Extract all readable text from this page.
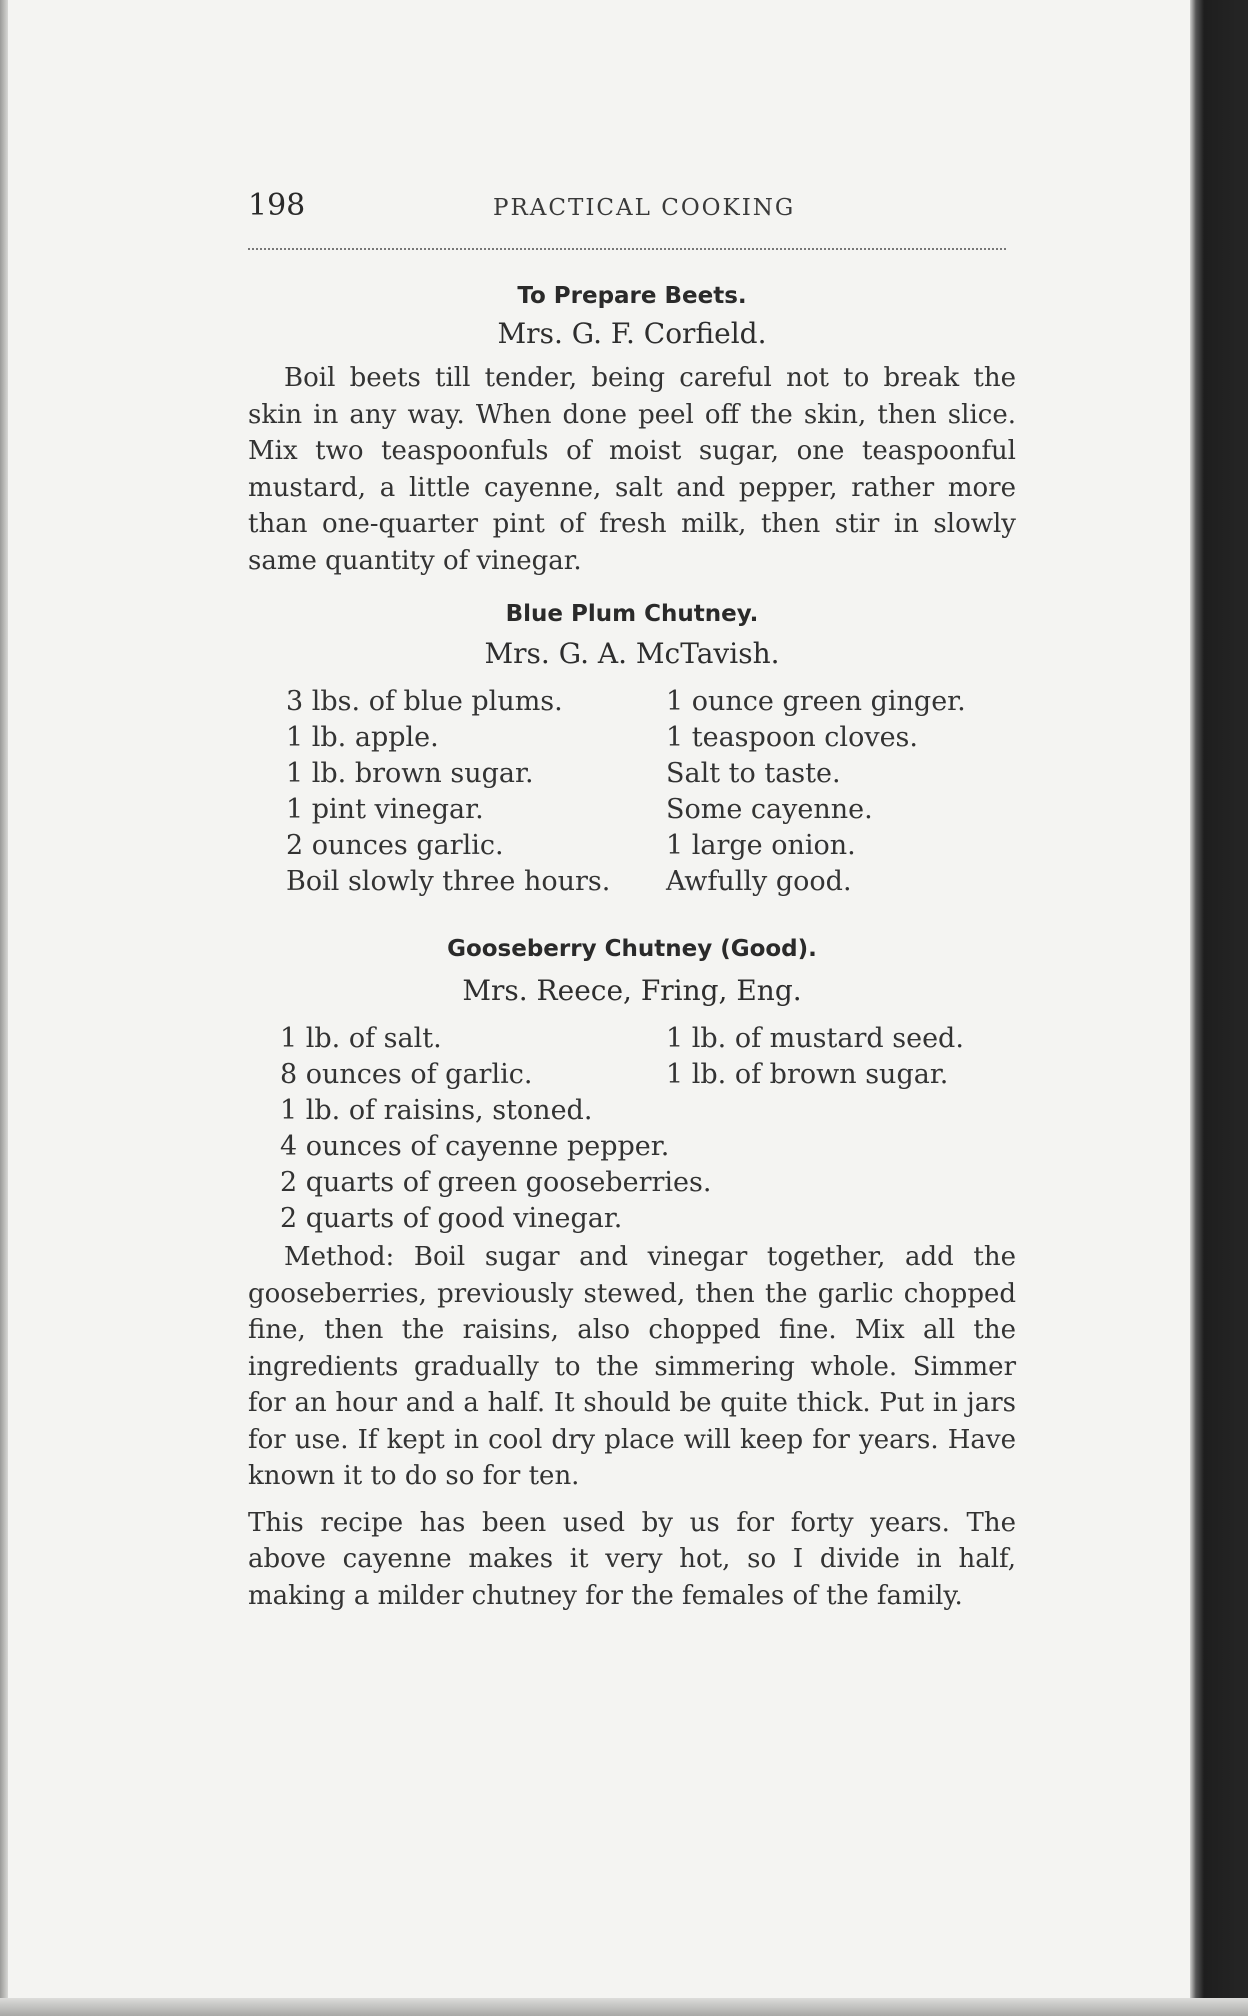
198	PRACTICAL COOKING
To Prepare Beets.
Mrs. G. F. Corfield.

Boil beets till tender, being careful not to break the skin in any way. When done peel off the skin, then slice. Mix two teaspoonfuls of moist sugar, one teaspoonful mustard, a little cayenne, salt and pepper, rather more than one-quarter pint of fresh milk, then stir in slowly same quantity of vinegar.

Blue Plum Chutney.
Mrs. G. A. McTavish.
3 lbs. of blue plums.
1 lb. apple.
1 lb. brown sugar.
1 pint vinegar.
2 ounces garlic.
Boil slowly three hours.
1 ounce green ginger.
1 teaspoon cloves.
Salt to taste.
Some cayenne.
1 large onion.
Awfully good.
Gooseberry Chutney (Good).
Mrs. Reece, Fring, Eng.
1 lb. of salt.
8 ounces of garlic.
1 lb. of mustard seed.
1 lb. of brown sugar.
1 lb. of raisins, stoned.
4 ounces of cayenne pepper.
2 quarts of green gooseberries.
2 quarts of good vinegar.

Method: Boil sugar and vinegar together, add the gooseberries, previously stewed, then the garlic chopped fine, then the raisins, also chopped fine. Mix all the ingredients gradually to the simmering whole. Simmer for an hour and a half. It should be quite thick. Put in jars for use. If kept in cool dry place will keep for years. Have known it to do so for ten.

This recipe has been used by us for forty years. The above cayenne makes it very hot, so I divide in half, making a milder chutney for the females of the family.
